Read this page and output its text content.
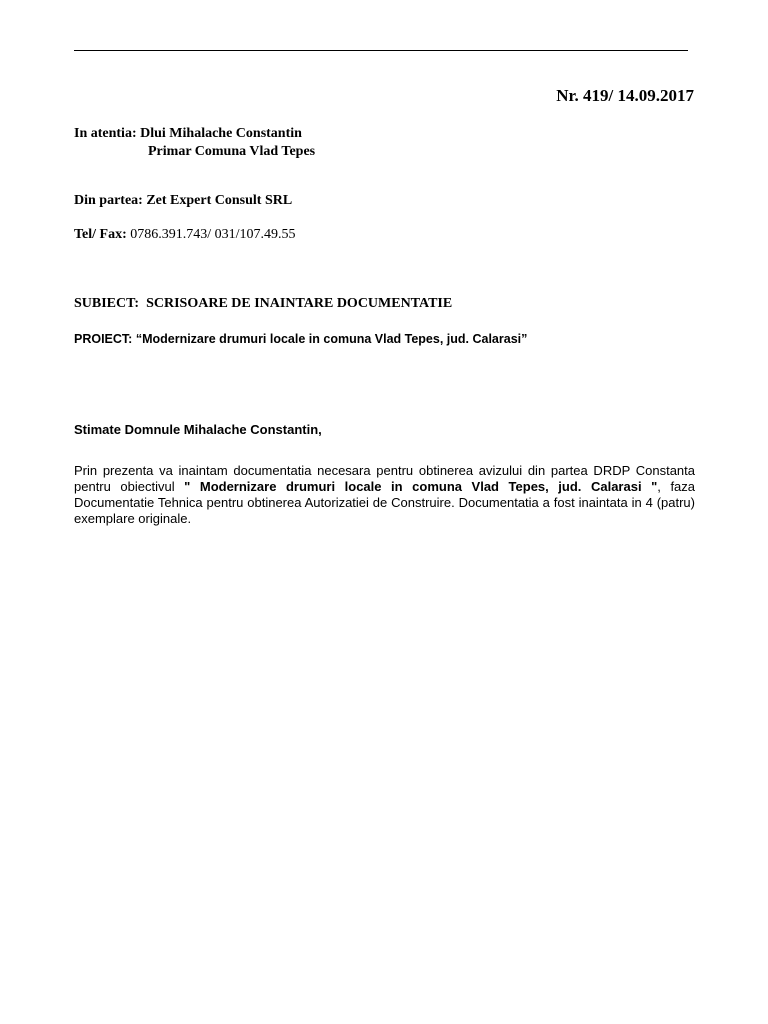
Nr. 419/ 14.09.2017
In atentia: Dlui Mihalache Constantin
Primar Comuna Vlad Tepes
Din partea: Zet Expert Consult SRL
Tel/ Fax: 0786.391.743/ 031/107.49.55
SUBIECT: SCRISOARE DE INAINTARE DOCUMENTATIE
PROIECT: “Modernizare drumuri locale in comuna Vlad Tepes, jud. Calarasi”
Stimate Domnule Mihalache Constantin,
Prin prezenta va inaintam documentatia necesara pentru obtinerea avizului din partea DRDP Constanta pentru obiectivul " Modernizare drumuri locale in comuna Vlad Tepes, jud. Calarasi ", faza Documentatie Tehnica pentru obtinerea Autorizatiei de Construire. Documentatia a fost inaintata in 4 (patru) exemplare originale.
